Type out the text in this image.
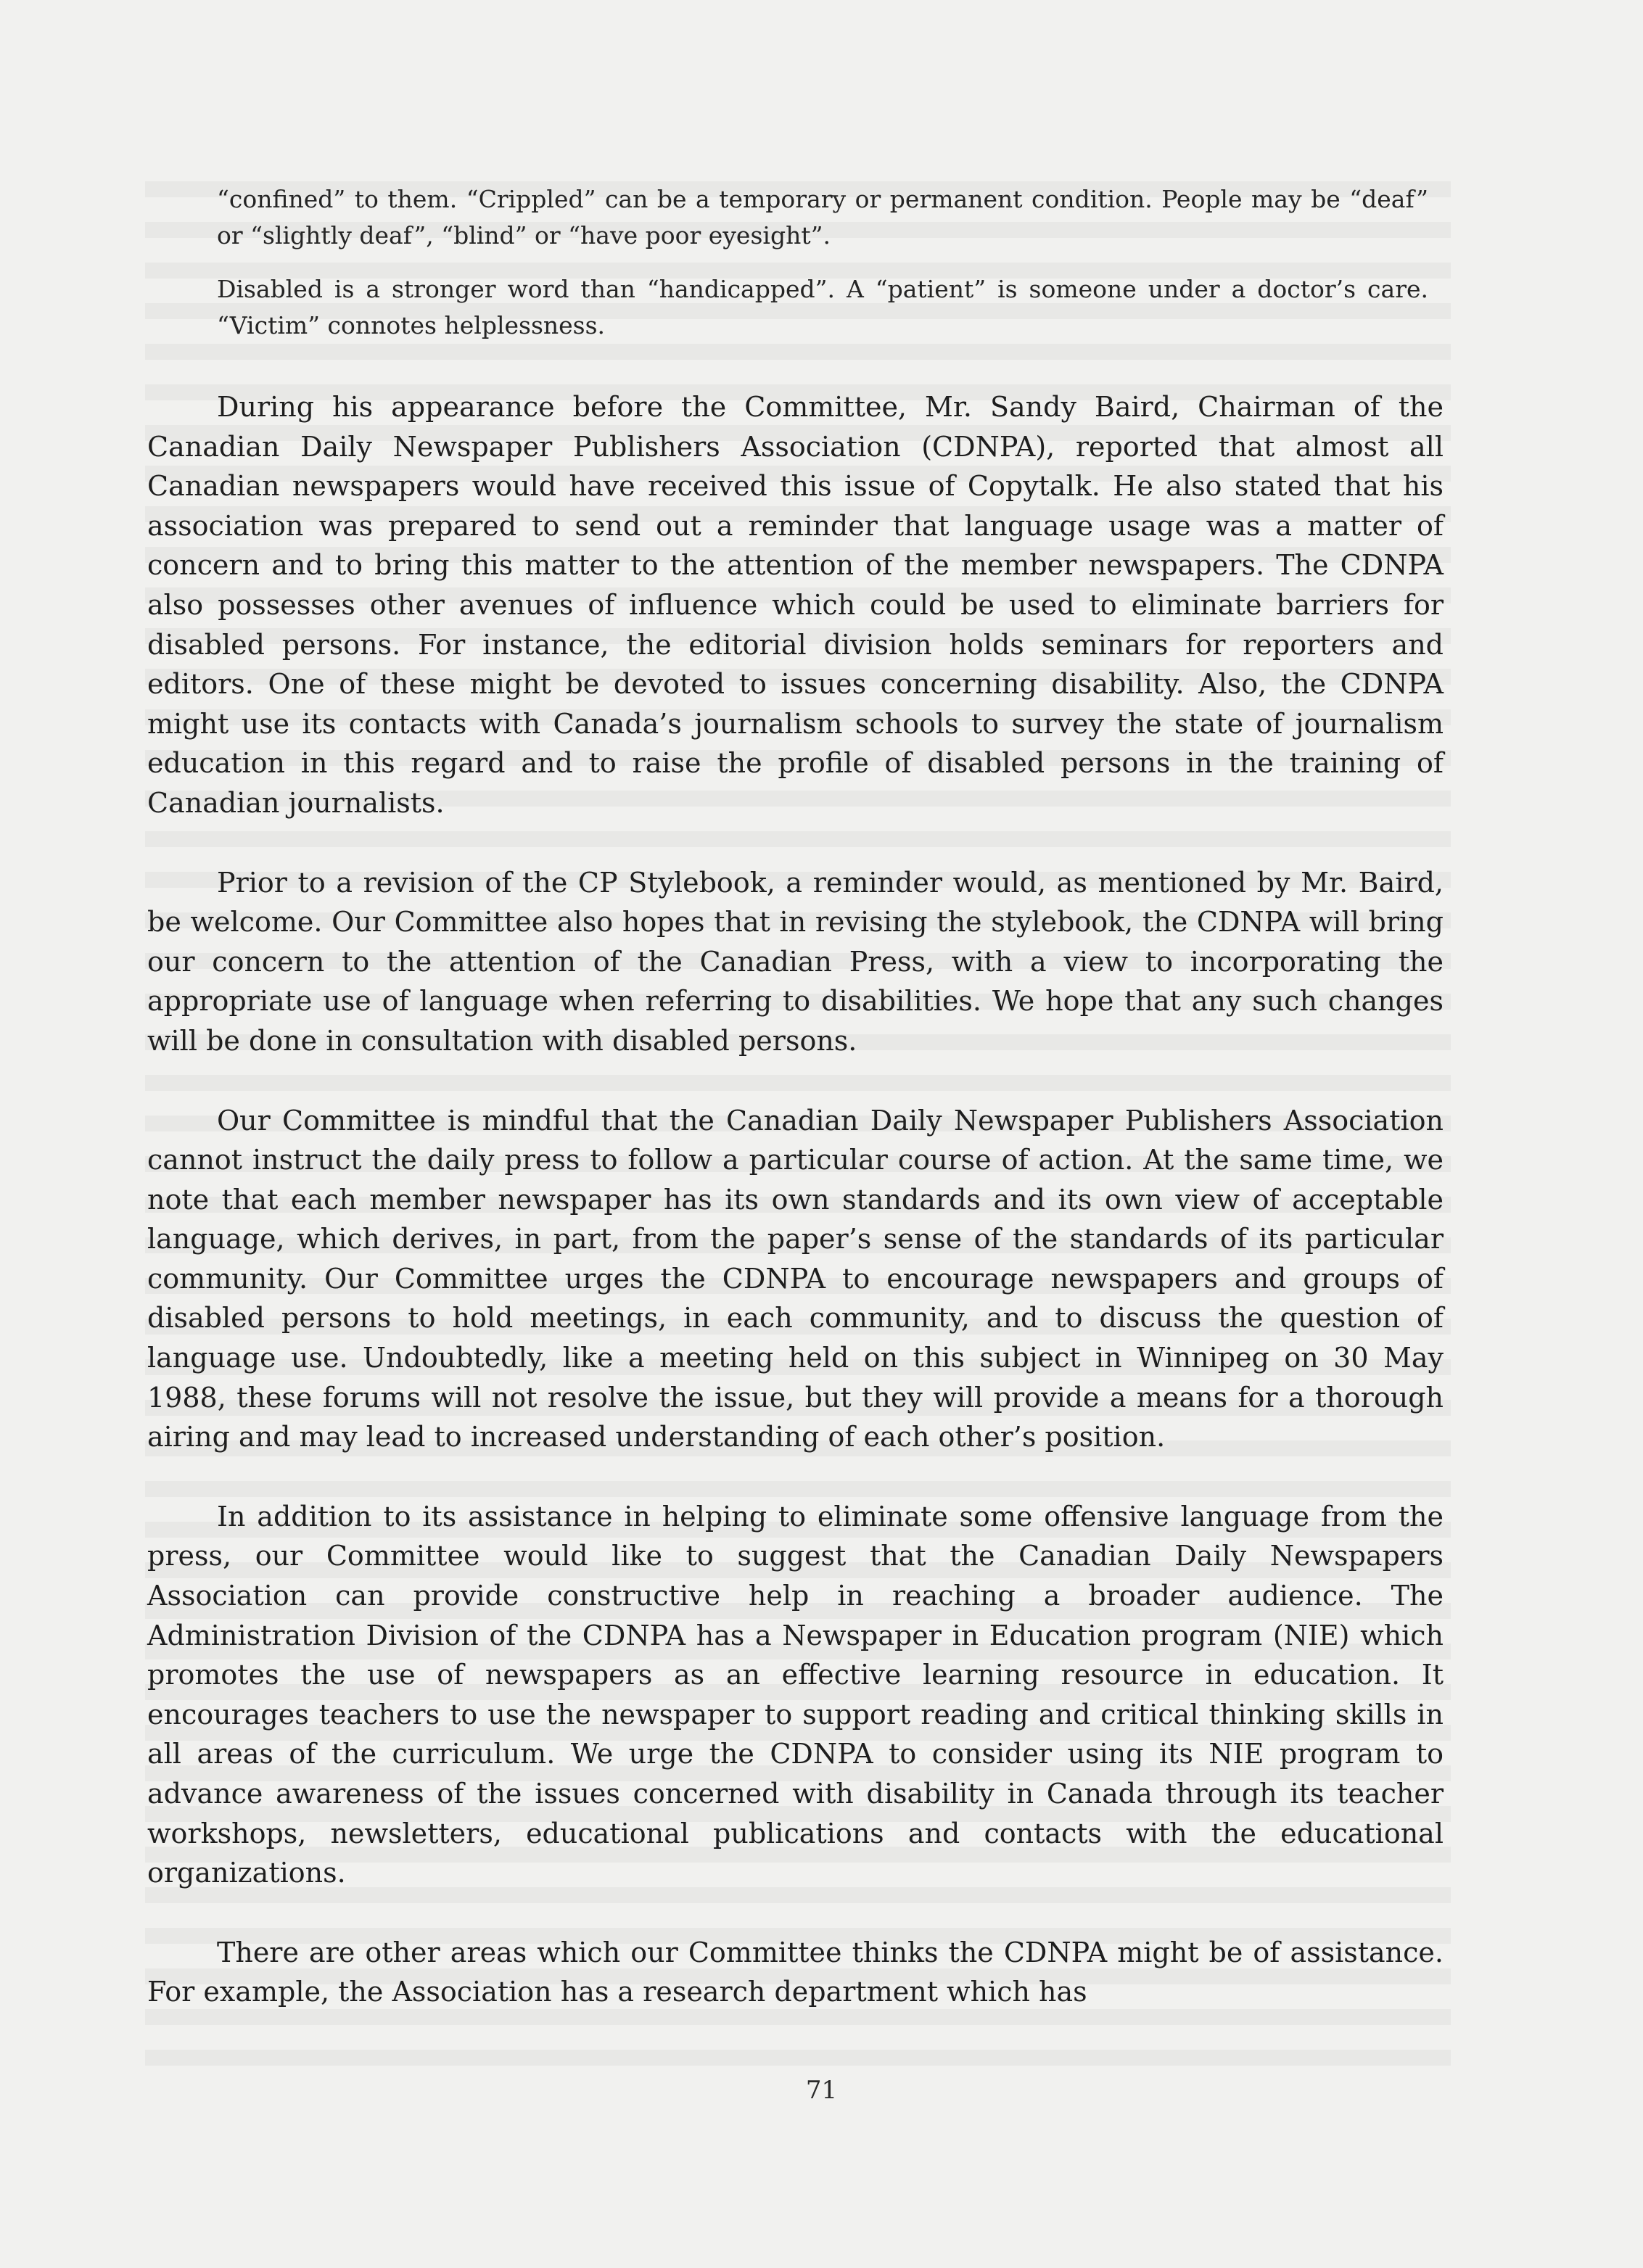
“confined” to them. “Crippled” can be a temporary or permanent condition. People may be “deaf” or “slightly deaf”, “blind” or “have poor eyesight”.
Disabled is a stronger word than “handicapped”. A “patient” is someone under a doctor’s care. “Victim” connotes helplessness.

During his appearance before the Committee, Mr. Sandy Baird, Chairman of the Canadian Daily Newspaper Publishers Association (CDNPA), reported that almost all Canadian newspapers would have received this issue of Copytalk. He also stated that his association was prepared to send out a reminder that language usage was a matter of concern and to bring this matter to the attention of the member newspapers. The CDNPA also possesses other avenues of influence which could be used to eliminate barriers for disabled persons. For instance, the editorial division holds seminars for reporters and editors. One of these might be devoted to issues concerning disability. Also, the CDNPA might use its contacts with Canada’s journalism schools to survey the state of journalism education in this regard and to raise the profile of disabled persons in the training of Canadian journalists.

Prior to a revision of the CP Stylebook, a reminder would, as mentioned by Mr. Baird, be welcome. Our Committee also hopes that in revising the stylebook, the CDNPA will bring our concern to the attention of the Canadian Press, with a view to incorporating the appropriate use of language when referring to disabilities. We hope that any such changes will be done in consultation with disabled persons.

Our Committee is mindful that the Canadian Daily Newspaper Publishers Association cannot instruct the daily press to follow a particular course of action. At the same time, we note that each member newspaper has its own standards and its own view of acceptable language, which derives, in part, from the paper’s sense of the standards of its particular community. Our Committee urges the CDNPA to encourage newspapers and groups of disabled persons to hold meetings, in each community, and to discuss the question of language use. Undoubtedly, like a meeting held on this subject in Winnipeg on 30 May 1988, these forums will not resolve the issue, but they will provide a means for a thorough airing and may lead to increased understanding of each other’s position.

In addition to its assistance in helping to eliminate some offensive language from the press, our Committee would like to suggest that the Canadian Daily Newspapers Association can provide constructive help in reaching a broader audience. The Administration Division of the CDNPA has a Newspaper in Education program (NIE) which promotes the use of newspapers as an effective learning resource in education. It encourages teachers to use the newspaper to support reading and critical thinking skills in all areas of the curriculum. We urge the CDNPA to consider using its NIE program to advance awareness of the issues concerned with disability in Canada through its teacher workshops, newsletters, educational publications and contacts with the educational organizations.

There are other areas which our Committee thinks the CDNPA might be of assistance. For example, the Association has a research department which has

71
